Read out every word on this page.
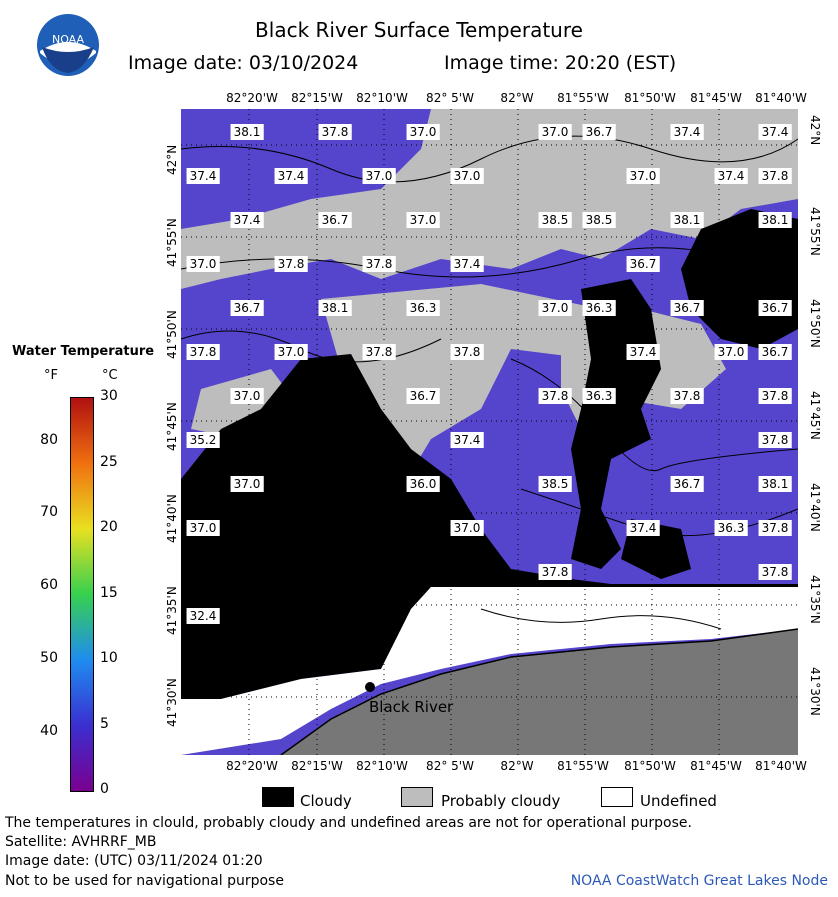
NOAA	Black River Surface Temperature
Image date: 03/10/2024	Image time: 20:20 (EST)
38.1	37.8	37.0	37.0 36.7	37.4	37.4
37.4	37.4	37.0	37.0	37.0	37.4 37.8
37.4	36.7	37.0	38.5 38.5	38.1	38.1
37.0	37.8	37.8	37.4	36.7
36.7	38.1	36.3	37.0 36.3	36.7	36.7
37.8	37.0	37.8	37.8	37.4	37.0 36.7
37.0	36.7	37.8 36.3	37.8	37.8
35.2	37.4	37.8
37.0	36.0	38.5	36.7	38.1
37.0	37.0	37.4	36.3 37.8
37.8	37.8
32.4
Black River
82°20'W 82°15'W 82°10'W 82° 5'W 82°W 81°55'W 81°50'W 81°45'W 81°40'W
82°20'W 82°15'W 82°10'W 82° 5'W 82°W 81°55'W 81°50'W 81°45'W 81°40'W
42°N
41°55'N
41°50'N
41°45'N
41°40'N
41°35'N
41°30'N
42°N
41°55'N
41°50'N
41°45'N
41°40'N
41°35'N
41°30'N
Water Temperature
°F	°C
80
70
60
50
40
30
25
20
15
10
5
0
Cloudy	Probably cloudy	Undefined
The temperatures in clould, probably cloudy and undefined areas are not for operational purpose.
Satellite: AVHRRF_MB
Image date: (UTC) 03/11/2024 01:20
Not to be used for navigational purpose	NOAA CoastWatch Great Lakes Node
